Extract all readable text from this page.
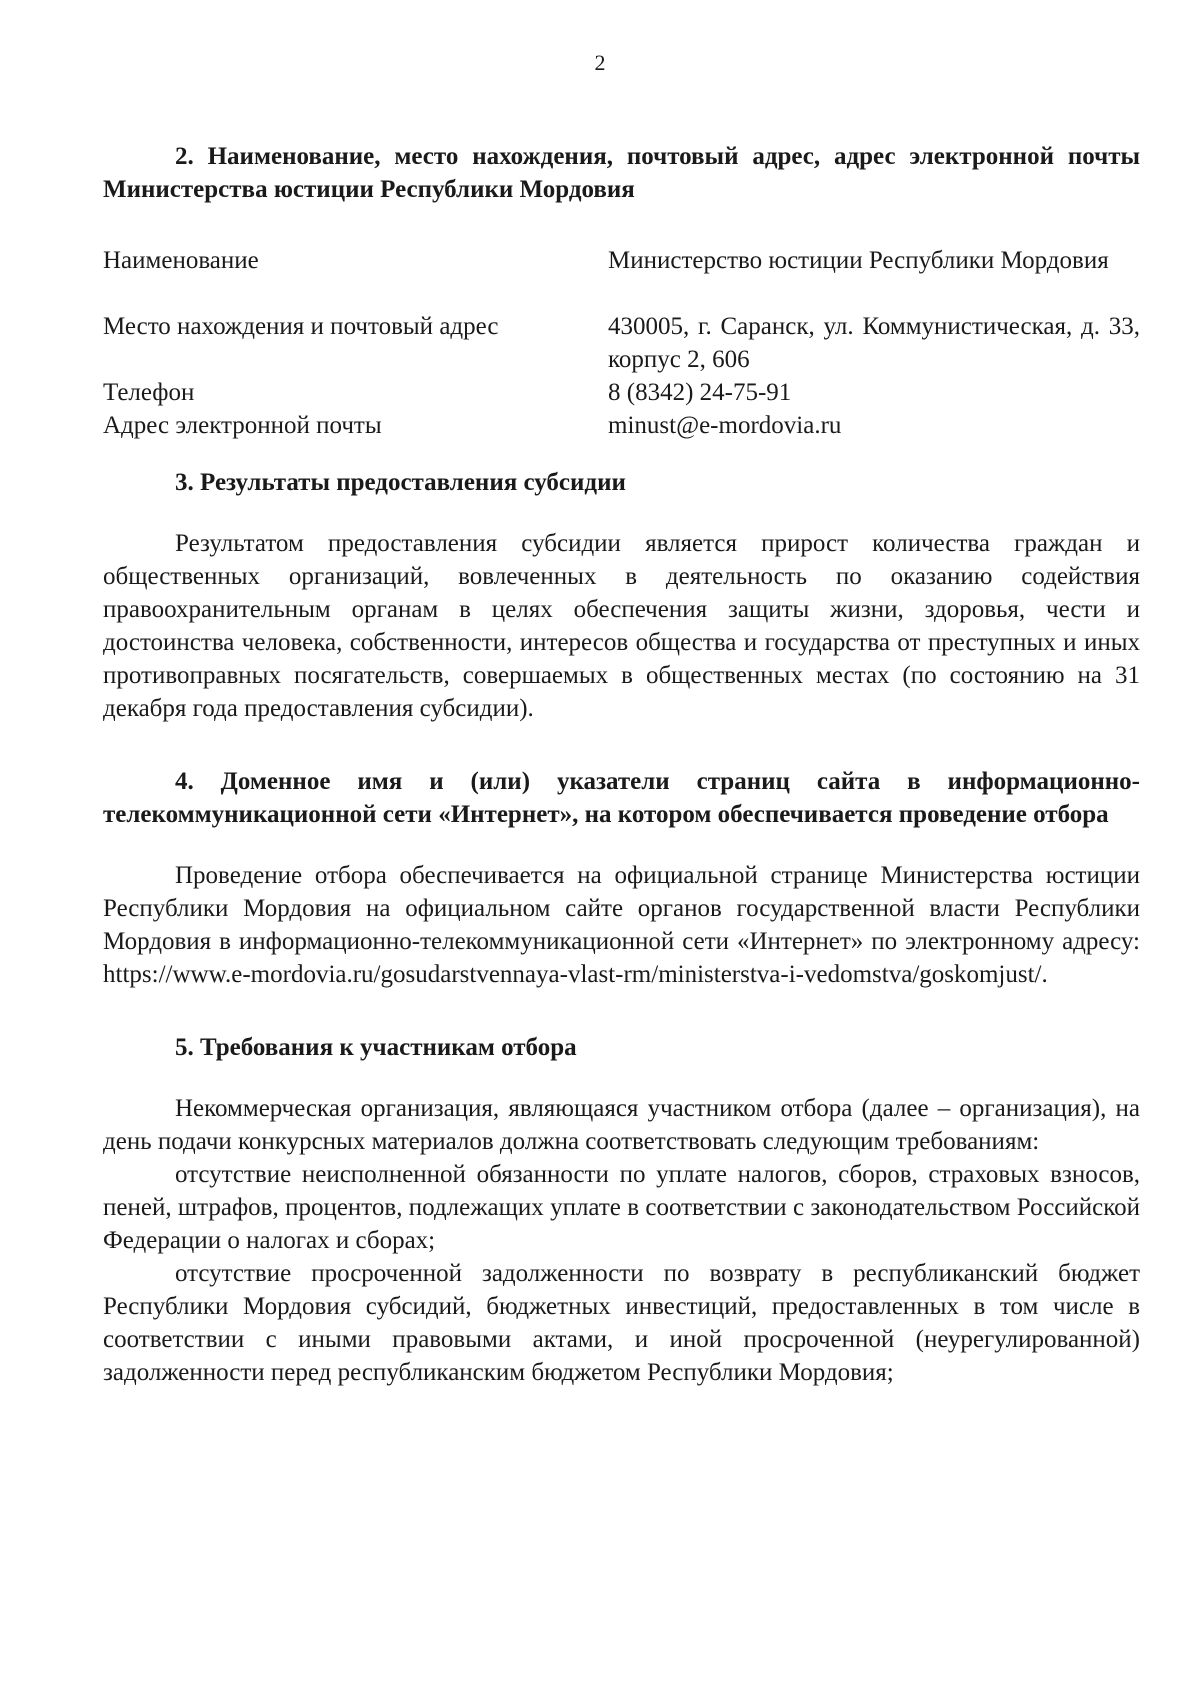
2

2. Наименование, место нахождения, почтовый адрес, адрес электронной почты Министерства юстиции Республики Мордовия

Наименование	Министерство юстиции Республики Мордовия
Место нахождения и почтовый адрес	430005, г. Саранск, ул. Коммунистическая, д. 33, корпус 2, 606
Телефон	8 (8342) 24-75-91
Адрес электронной почты	minust@e-mordovia.ru

3. Результаты предоставления субсидии

Результатом предоставления субсидии является прирост количества граждан и общественных организаций, вовлеченных в деятельность по оказанию содействия правоохранительным органам в целях обеспечения защиты жизни, здоровья, чести и достоинства человека, собственности, интересов общества и государства от преступных и иных противоправных посягательств, совершаемых в общественных местах (по состоянию на 31 декабря года предоставления субсидии).

4. Доменное имя и (или) указатели страниц сайта в информационно-телекоммуникационной сети «Интернет», на котором обеспечивается проведение отбора

Проведение отбора обеспечивается на официальной странице Министерства юстиции Республики Мордовия на официальном сайте органов государственной власти Республики Мордовия в информационно-телекоммуникационной сети «Интернет» по электронному адресу: https://www.e-mordovia.ru/gosudarstvennaya-vlast-rm/ministerstva-i-vedomstva/goskomjust/.

5. Требования к участникам отбора

Некоммерческая организация, являющаяся участником отбора (далее – организация), на день подачи конкурсных материалов должна соответствовать следующим требованиям:

отсутствие неисполненной обязанности по уплате налогов, сборов, страховых взносов, пеней, штрафов, процентов, подлежащих уплате в соответствии с законодательством Российской Федерации о налогах и сборах;

отсутствие просроченной задолженности по возврату в республиканский бюджет Республики Мордовия субсидий, бюджетных инвестиций, предоставленных в том числе в соответствии с иными правовыми актами, и иной просроченной (неурегулированной) задолженности перед республиканским бюджетом Республики Мордовия;
